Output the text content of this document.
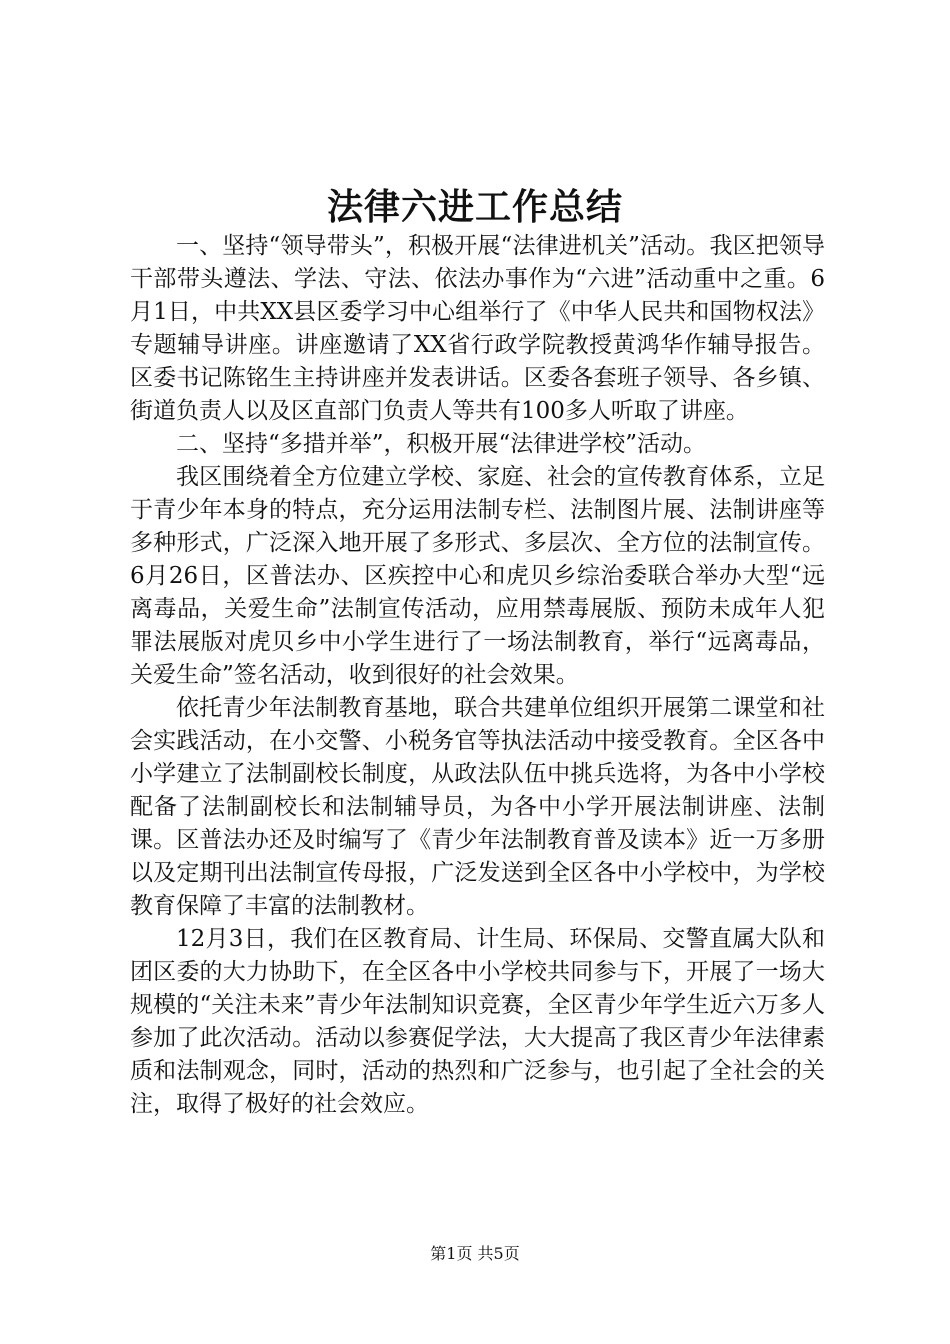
法律六进工作总结

一、坚持“领导带头”，积极开展“法律进机关”活动。我区把领导干部带头遵法、学法、守法、依法办事作为“六进”活动重中之重。6月1日，中共XX县区委学习中心组举行了《中华人民共和国物权法》专题辅导讲座。讲座邀请了XX省行政学院教授黄鸿华作辅导报告。区委书记陈铭生主持讲座并发表讲话。区委各套班子领导、各乡镇、街道负责人以及区直部门负责人等共有100多人听取了讲座。

二、坚持“多措并举”，积极开展“法律进学校”活动。

我区围绕着全方位建立学校、家庭、社会的宣传教育体系，立足于青少年本身的特点，充分运用法制专栏、法制图片展、法制讲座等多种形式，广泛深入地开展了多形式、多层次、全方位的法制宣传。6月26日，区普法办、区疾控中心和虎贝乡综治委联合举办大型“远离毒品，关爱生命”法制宣传活动，应用禁毒展版、预防未成年人犯罪法展版对虎贝乡中小学生进行了一场法制教育，举行“远离毒品，关爱生命”签名活动，收到很好的社会效果。

依托青少年法制教育基地，联合共建单位组织开展第二课堂和社会实践活动，在小交警、小税务官等执法活动中接受教育。全区各中小学建立了法制副校长制度，从政法队伍中挑兵选将，为各中小学校配备了法制副校长和法制辅导员，为各中小学开展法制讲座、法制课。区普法办还及时编写了《青少年法制教育普及读本》近一万多册以及定期刊出法制宣传母报，广泛发送到全区各中小学校中，为学校教育保障了丰富的法制教材。

12月3日，我们在区教育局、计生局、环保局、交警直属大队和团区委的大力协助下，在全区各中小学校共同参与下，开展了一场大规模的“关注未来”青少年法制知识竞赛，全区青少年学生近六万多人参加了此次活动。活动以参赛促学法，大大提高了我区青少年法律素质和法制观念，同时，活动的热烈和广泛参与，也引起了全社会的关注，取得了极好的社会效应。

第1页 共5页
